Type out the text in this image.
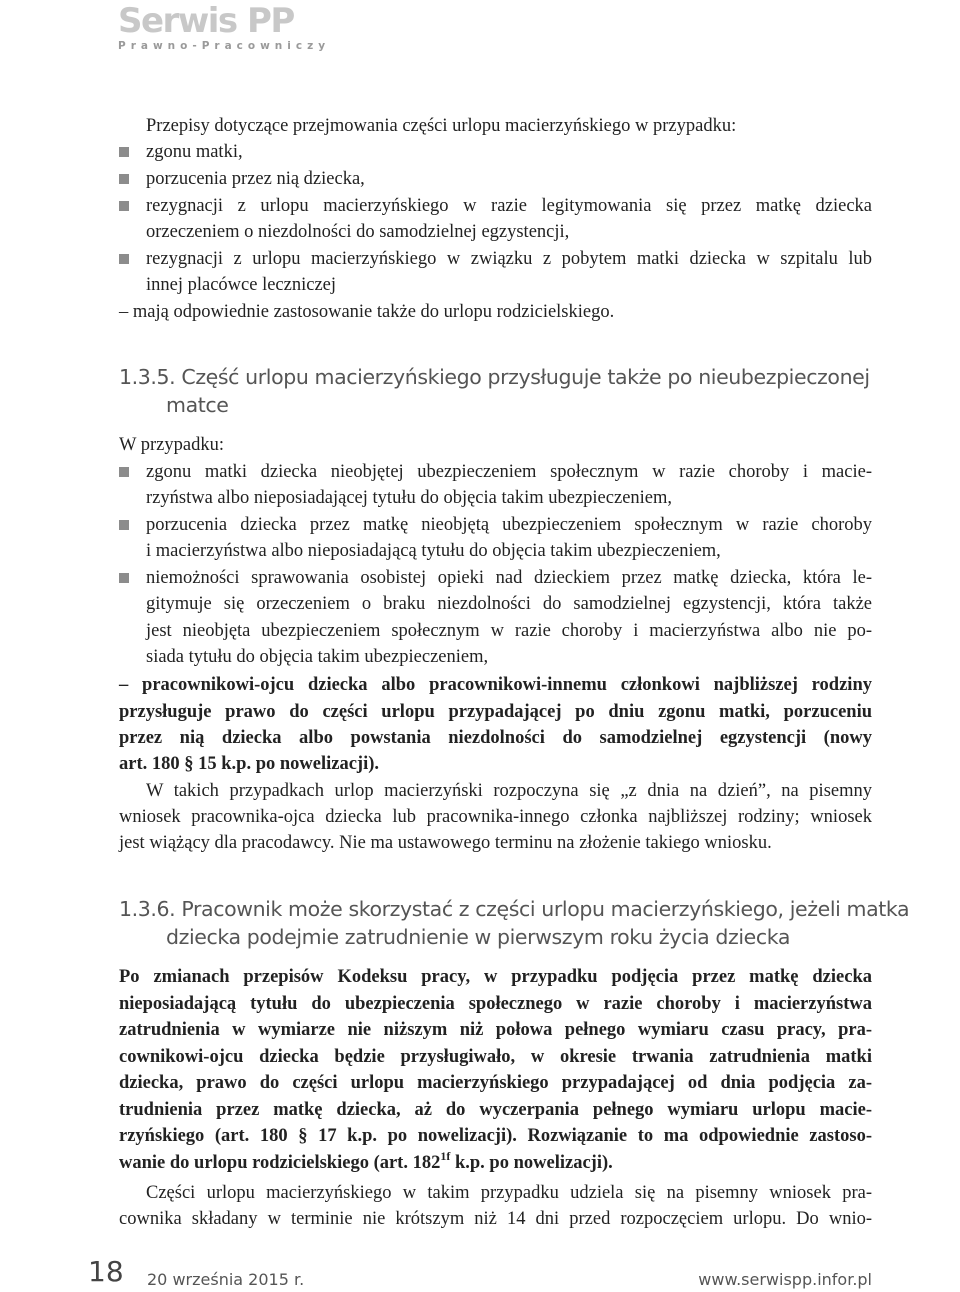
Serwis PP
Prawno-Pracowniczy
Przepisy dotyczące przejmowania części urlopu macierzyńskiego w przypadku:
zgonu matki,
porzucenia przez nią dziecka,
rezygnacji z urlopu macierzyńskiego w razie legitymowania się przez matkę dziecka
orzeczeniem o niezdolności do samodzielnej egzystencji,
rezygnacji z urlopu macierzyńskiego w związku z pobytem matki dziecka w szpitalu lub
innej placówce leczniczej
– mają odpowiednie zastosowanie także do urlopu rodzicielskiego.
1.3.5. Część urlopu macierzyńskiego przysługuje także po nieubezpieczonej
matce
W przypadku:
zgonu matki dziecka nieobjętej ubezpieczeniem społecznym w razie choroby i macie-
rzyństwa albo nieposiadającej tytułu do objęcia takim ubezpieczeniem,
porzucenia dziecka przez matkę nieobjętą ubezpieczeniem społecznym w razie choroby
i macierzyństwa albo nieposiadającą tytułu do objęcia takim ubezpieczeniem,
niemożności sprawowania osobistej opieki nad dzieckiem przez matkę dziecka, która le-
gitymuje się orzeczeniem o braku niezdolności do samodzielnej egzystencji, która także
jest nieobjęta ubezpieczeniem społecznym w razie choroby i macierzyństwa albo nie po-
siada tytułu do objęcia takim ubezpieczeniem,
– pracownikowi-ojcu dziecka albo pracownikowi-innemu członkowi najbliższej rodziny
przysługuje prawo do części urlopu przypadającej po dniu zgonu matki, porzuceniu
przez nią dziecka albo powstania niezdolności do samodzielnej egzystencji (nowy
art. 180 § 15 k.p. po nowelizacji).
W takich przypadkach urlop macierzyński rozpoczyna się „z dnia na dzień”, na pisemny
wniosek pracownika-ojca dziecka lub pracownika-innego członka najbliższej rodziny; wniosek
jest wiążący dla pracodawcy. Nie ma ustawowego terminu na złożenie takiego wniosku.
1.3.6. Pracownik może skorzystać z części urlopu macierzyńskiego, jeżeli matka
dziecka podejmie zatrudnienie w pierwszym roku życia dziecka
Po zmianach przepisów Kodeksu pracy, w przypadku podjęcia przez matkę dziecka
nieposiadającą tytułu do ubezpieczenia społecznego w razie choroby i macierzyństwa
zatrudnienia w wymiarze nie niższym niż połowa pełnego wymiaru czasu pracy, pra-
cownikowi-ojcu dziecka będzie przysługiwało, w okresie trwania zatrudnienia matki
dziecka, prawo do części urlopu macierzyńskiego przypadającej od dnia podjęcia za-
trudnienia przez matkę dziecka, aż do wyczerpania pełnego wymiaru urlopu macie-
rzyńskiego (art. 180 § 17 k.p. po nowelizacji). Rozwiązanie to ma odpowiednie zastoso-
wanie do urlopu rodzicielskiego (art. $182^{1f}$ k.p. po nowelizacji).
Części urlopu macierzyńskiego w takim przypadku udziela się na pisemny wniosek pra-
cownika składany w terminie nie krótszym niż 14 dni przed rozpoczęciem urlopu. Do wnio-
18 20 września 2015 r.	www.serwispp.infor.pl
